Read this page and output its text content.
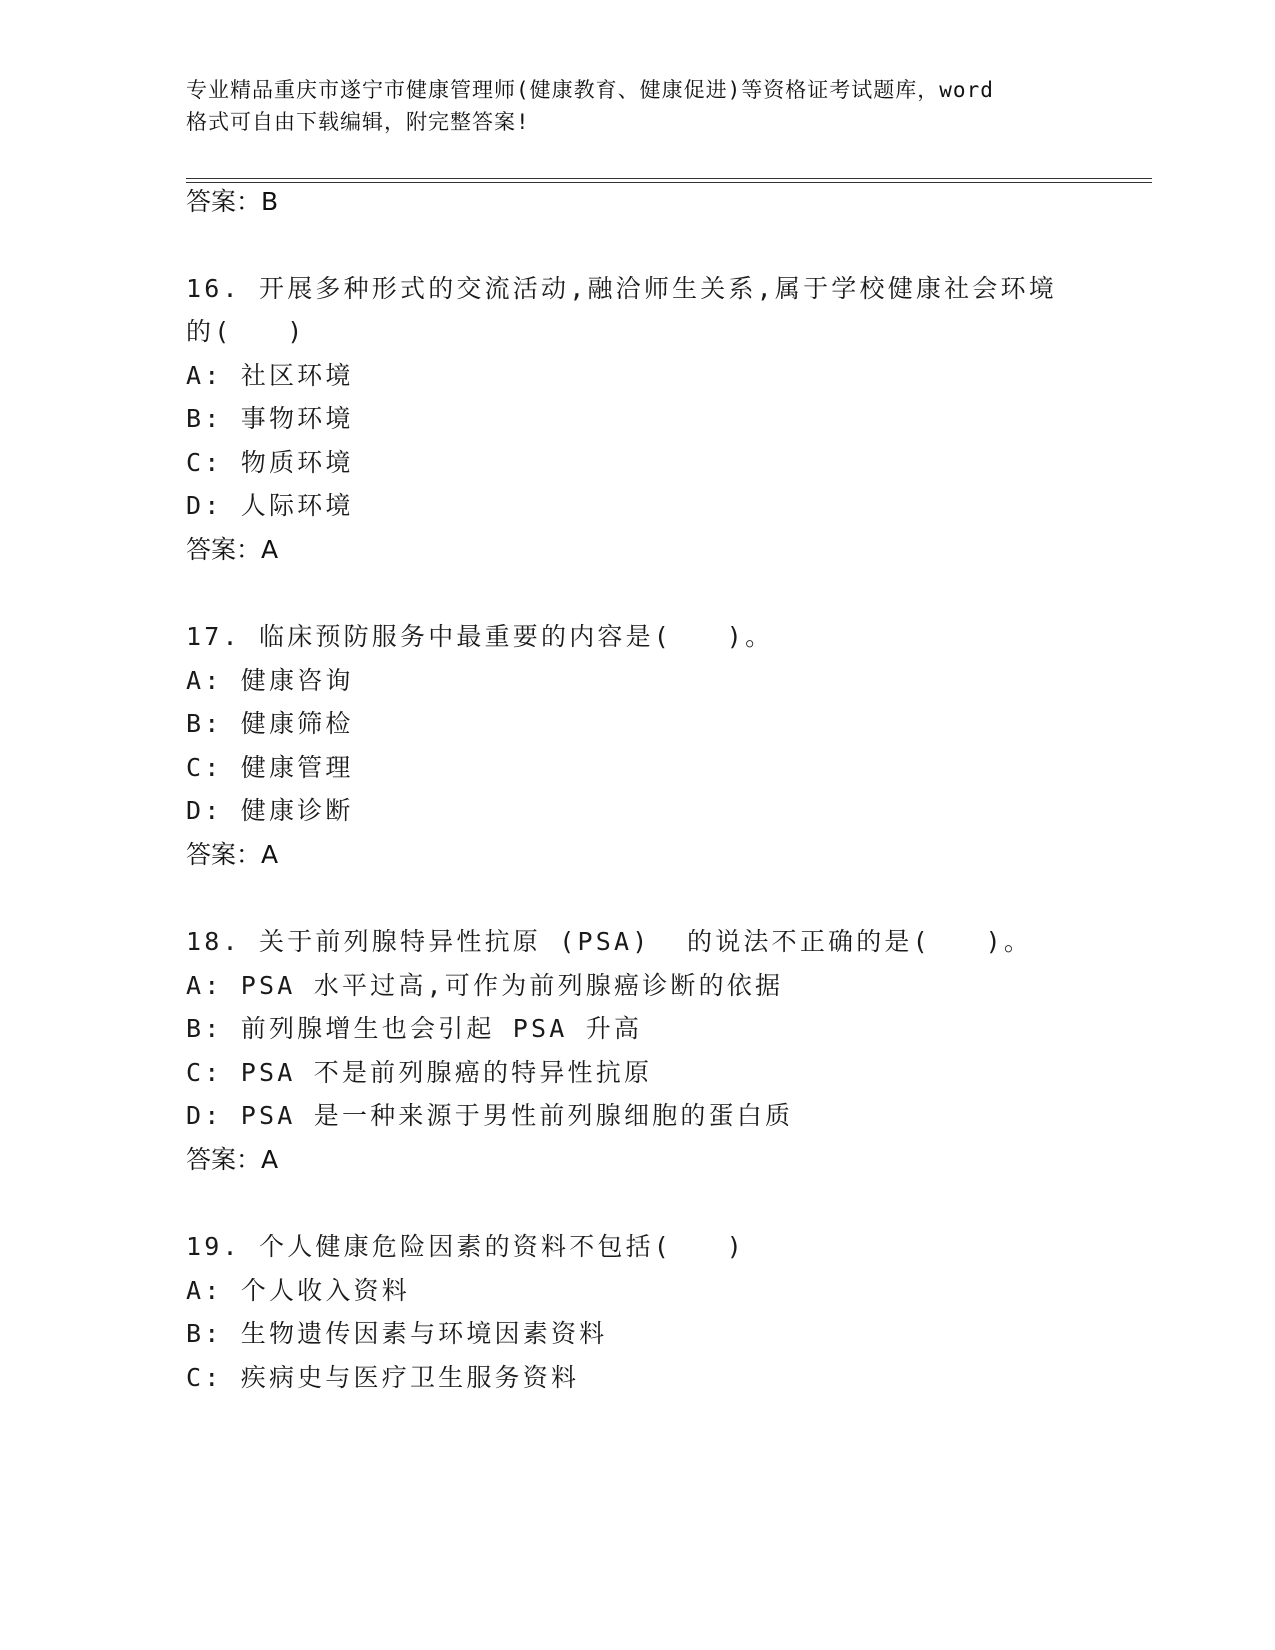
专业精品重庆市遂宁市健康管理师(健康教育、健康促进)等资格证考试题库，word
格式可自由下载编辑，附完整答案!
答案：B
16. 开展多种形式的交流活动,融洽师生关系,属于学校健康社会环境
的(   )
A: 社区环境
B: 事物环境
C: 物质环境
D: 人际环境
答案：A
17. 临床预防服务中最重要的内容是(   )。
A: 健康咨询
B: 健康筛检
C: 健康管理
D: 健康诊断
答案：A
18. 关于前列腺特异性抗原 (PSA)  的说法不正确的是(   )。
A: PSA 水平过高,可作为前列腺癌诊断的依据
B: 前列腺增生也会引起 PSA 升高
C: PSA 不是前列腺癌的特异性抗原
D: PSA 是一种来源于男性前列腺细胞的蛋白质
答案：A
19. 个人健康危险因素的资料不包括(   )
A: 个人收入资料
B: 生物遗传因素与环境因素资料
C: 疾病史与医疗卫生服务资料
